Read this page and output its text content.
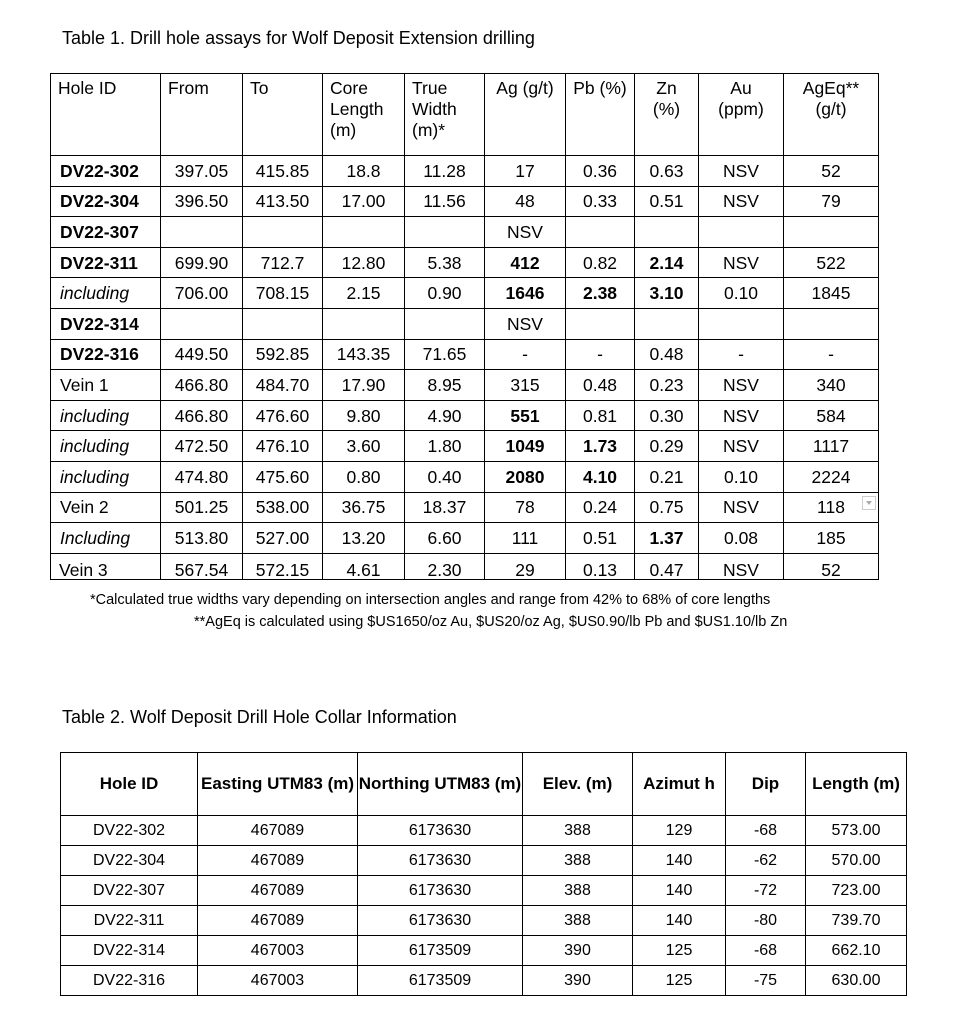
Table 1. Drill hole assays for Wolf Deposit Extension drilling
Hole ID	From	To	Core Length (m)	True Width (m)*	Ag (g/t)	Pb (%)	Zn (%)	Au (ppm)	AgEq** (g/t)
DV22-302	397.05	415.85	18.8	11.28	17	0.36	0.63	NSV	52
DV22-304	396.50	413.50	17.00	11.56	48	0.33	0.51	NSV	79
DV22-307					NSV				
DV22-311	699.90	712.7	12.80	5.38	412	0.82	2.14	NSV	522
including	706.00	708.15	2.15	0.90	1646	2.38	3.10	0.10	1845
DV22-314					NSV				
DV22-316	449.50	592.85	143.35	71.65	-	-	0.48	-	-
Vein 1	466.80	484.70	17.90	8.95	315	0.48	0.23	NSV	340
including	466.80	476.60	9.80	4.90	551	0.81	0.30	NSV	584
including	472.50	476.10	3.60	1.80	1049	1.73	0.29	NSV	1117
including	474.80	475.60	0.80	0.40	2080	4.10	0.21	0.10	2224
Vein 2	501.25	538.00	36.75	18.37	78	0.24	0.75	NSV	118
Including	513.80	527.00	13.20	6.60	111	0.51	1.37	0.08	185
Vein 3	567.54	572.15	4.61	2.30	29	0.13	0.47	NSV	52
*Calculated true widths vary depending on intersection angles and range from 42% to 68% of core lengths
**AgEq is calculated using $US1650/oz Au, $US20/oz Ag, $US0.90/lb Pb and $US1.10/lb Zn
Table 2. Wolf Deposit Drill Hole Collar Information
Hole ID	Easting UTM83 (m)	Northing UTM83 (m)	Elev. (m)	Azimut h	Dip	Length (m)
DV22-302	467089	6173630	388	129	-68	573.00
DV22-304	467089	6173630	388	140	-62	570.00
DV22-307	467089	6173630	388	140	-72	723.00
DV22-311	467089	6173630	388	140	-80	739.70
DV22-314	467003	6173509	390	125	-68	662.10
DV22-316	467003	6173509	390	125	-75	630.00
